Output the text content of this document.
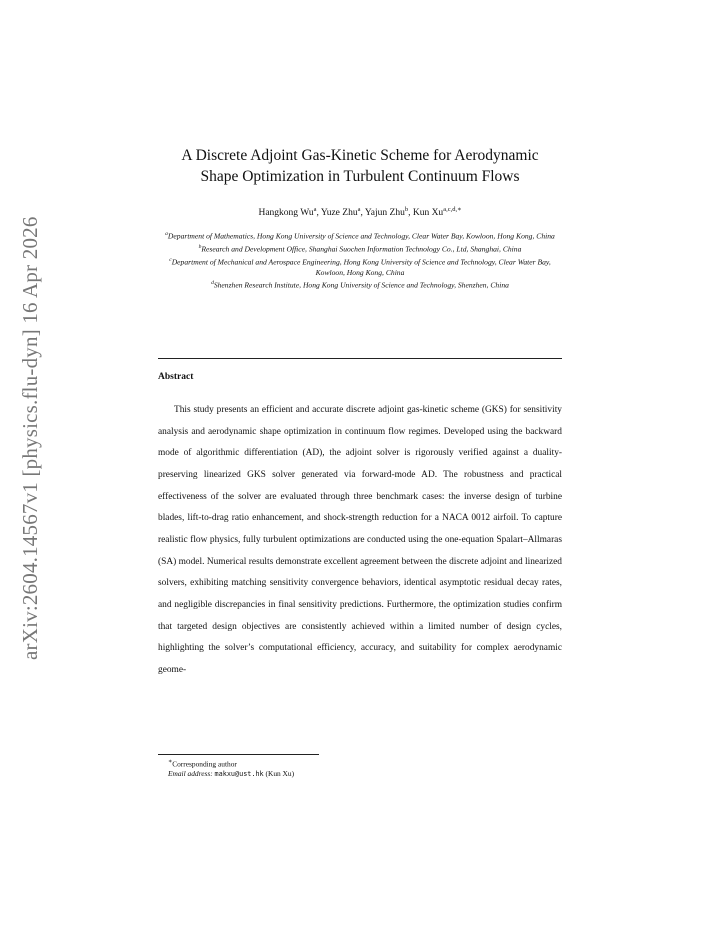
arXiv:2604.14567v1 [physics.flu-dyn] 16 Apr 2026
A Discrete Adjoint Gas-Kinetic Scheme for Aerodynamic
Shape Optimization in Turbulent Continuum Flows
Hangkong Wu$^a$, Yuze Zhu$^a$, Yajun Zhu$^b$, Kun $Xu^{a,c,d,∗}$
$^a$Department of Mathematics, Hong Kong University of Science and Technology, Clear Water Bay, Kowloon, Hong Kong, China
$^b$Research and Development Office, Shanghai Suochen Information Technology Co., Ltd, Shanghai, China
$^c$Department of Mechanical and Aerospace Engineering, Hong Kong University of Science and Technology, Clear Water Bay, Kowloon, Hong Kong, China
$^d$Shenzhen Research Institute, Hong Kong University of Science and Technology, Shenzhen, China
Abstract

This study presents an efficient and accurate discrete adjoint gas-kinetic scheme (GKS) for sensitivity analysis and aerodynamic shape optimization in continuum flow regimes. Developed using the backward mode of algorithmic differentiation (AD), the adjoint solver is rigorously verified against a duality-preserving linearized GKS solver generated via forward-mode AD. The robustness and practical effectiveness of the solver are evaluated through three benchmark cases: the inverse design of turbine blades, lift-to-drag ratio enhancement, and shock-strength reduction for a NACA 0012 airfoil. To capture realistic flow physics, fully turbulent optimizations are conducted using the one-equation Spalart–Allmaras (SA) model. Numerical results demonstrate excellent agreement between the discrete adjoint and linearized solvers, exhibiting matching sensitivity convergence behaviors, identical asymptotic residual decay rates, and negligible discrepancies in final sensitivity predictions. Furthermore, the optimization studies confirm that targeted design objectives are consistently achieved within a limited number of design cycles, highlighting the solver’s computational efficiency, accuracy, and suitability for complex aerodynamic geome-

∗Corresponding author
Email address: makxu@ust.hk (Kun Xu)
